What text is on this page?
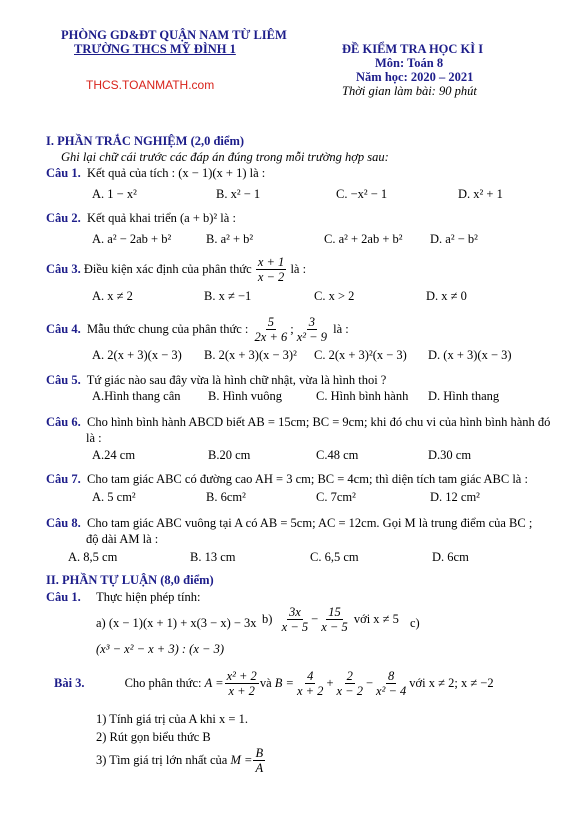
PHÒNG GD&ĐT QUẬN NAM TỪ LIÊM
TRƯỜNG THCS MỸ ĐÌNH 1
THCS.TOANMATH.com
ĐỀ KIỂM TRA HỌC KÌ I
Môn: Toán 8
Năm học: 2020 – 2021
Thời gian làm bài: 90 phút
I. PHẦN TRẮC NGHIỆM (2,0 điểm)
Ghi lại chữ cái trước các đáp án đúng trong mỗi trường hợp sau:
Câu 1. Kết quả của tích : (x − 1)(x + 1) là :
A. 1 − x²	B. x² − 1	C. −x² − 1	D. x² + 1
Câu 2. Kết quả khai triển (a + b)² là :
A. a² − 2ab + b²	B. a² + b²	C. a² + 2ab + b² D. a² − b²
Câu 3.
Điều kiện xác định của phân thức
$\frac{x + 1}{x - 2}$
là :
A. x ≠ 2	B. x ≠ −1	C. x > 2	D. x ≠ 0
Câu 4.
Mẫu thức chung của phân thức :
$\frac{5}{2x + 6}$ ; $\frac{3}{\text{x² − 9}}$
là :
A. 2(x + 3)(x − 3) B. 2(x + 3)(x − 3)² C. 2(x + 3)²(x − 3) D. (x + 3)(x − 3)
Câu 5. Tứ giác nào sau đây vừa là hình chữ nhật, vừa là hình thoi ?
A.Hình thang cân B. Hình vuông	C. Hình bình hành D. Hình thang
Câu 6. Cho hình bình hành ABCD biết AB = 15cm; BC = 9cm; khi đó chu vi của hình bình hành đó
là :
A.24 cm	B.20 cm	C.48 cm	D.30 cm
Câu 7. Cho tam giác ABC có đường cao AH = 3 cm; BC = 4cm; thì diện tích tam giác ABC là :
A. 5 cm²	B. 6cm²	C. 7cm²	D. 12 cm²
Câu 8. Cho tam giác ABC vuông tại A có AB = 5cm; AC = 12cm. Gọi M là trung điểm của BC ;
độ dài AM là :
A. 8,5 cm	B. 13 cm	C. 6,5 cm	D. 6cm
II. PHẦN TỰ LUẬN (8,0 điểm)
Câu 1. Thực hiện phép tính:
a) (x − 1)(x + 1) + x(3 − x) − 3x b)
$\frac{3x}{x - 5} - \frac{15}{x - 5}$
với x ≠ 5 c)
(x³ − x² − x + 3) : (x − 3)
Bài 3.	Cho phân thức:
$A = \frac{\text{x² + 2}}{x + 2}$ và
$B = \frac{4}{x + 2} + \frac{2}{x - 2} - \frac{8}{\text{x² − 4}}$ với x ≠ 2; x ≠ −2
1) Tính giá trị của A khi x = 1.
2) Rút gọn biểu thức B
3) Tìm giá trị lớn nhất của
$M = \frac{B}{A}$
